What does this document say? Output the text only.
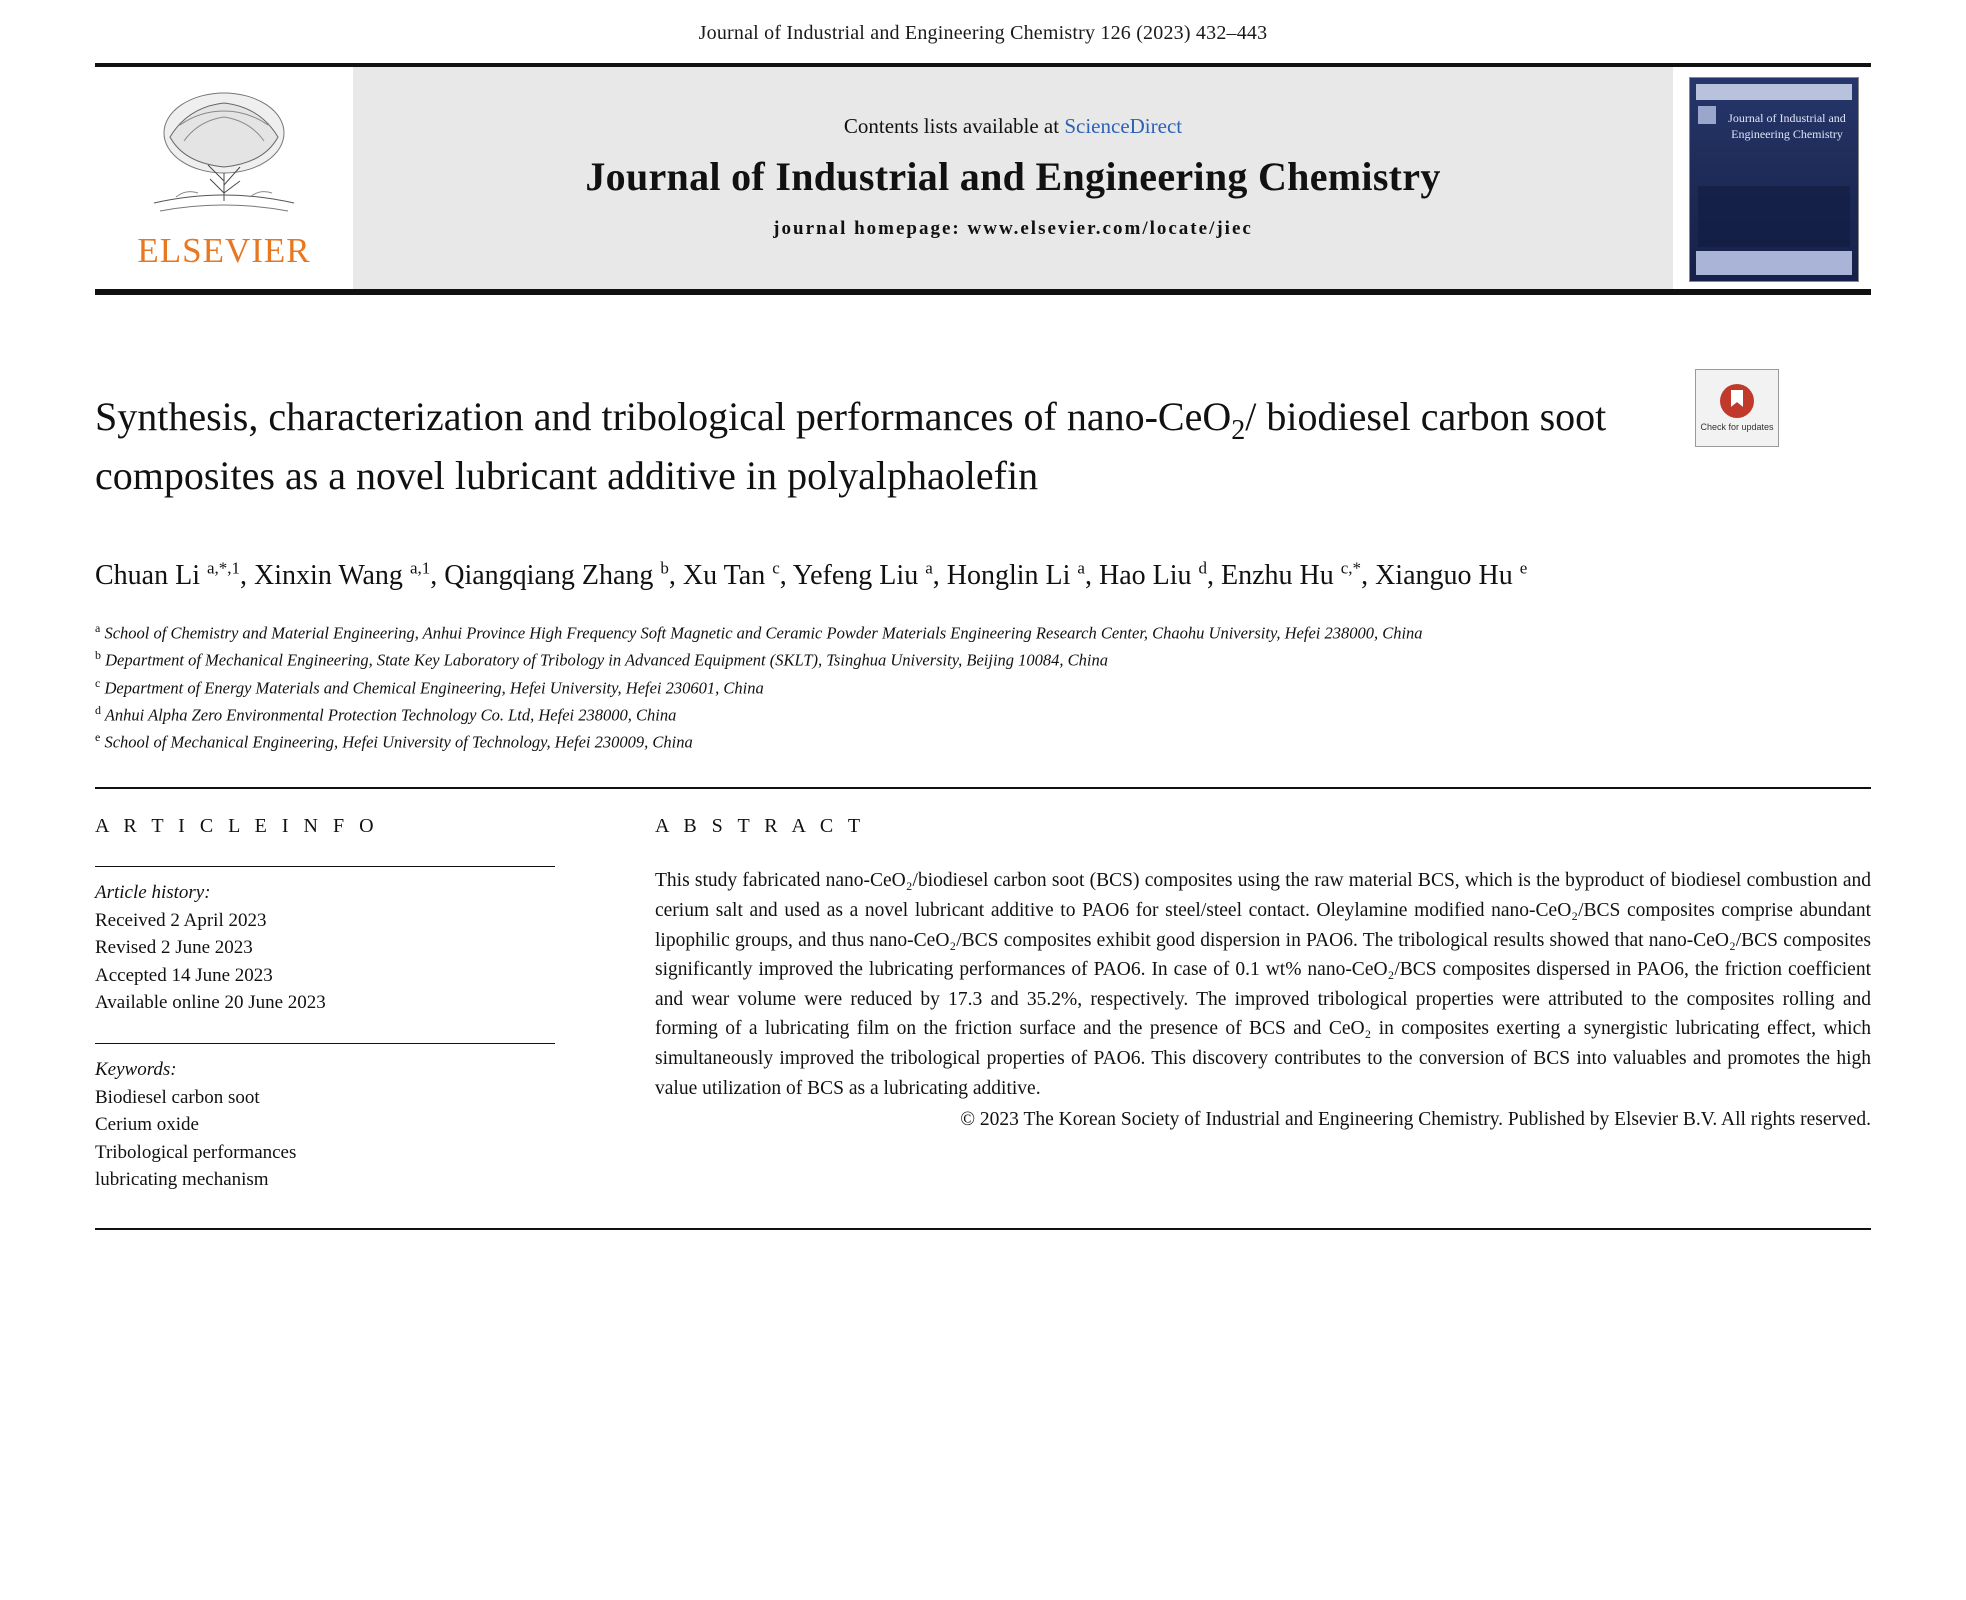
Journal of Industrial and Engineering Chemistry 126 (2023) 432–443
ELSEVIER
Contents lists available at ScienceDirect
Journal of Industrial and Engineering Chemistry
journal homepage: www.elsevier.com/locate/jiec
Journal of Industrial and Engineering Chemistry
Synthesis, characterization and tribological performances of nano-CeO$_2$/ biodiesel carbon soot composites as a novel lubricant additive in polyalphaolefin
Check for updates
Chuan Li $^{a,*,1}$, Xinxin Wang $^{a,1}$, Qiangqiang Zhang $^b$, Xu Tan $^c$, Yefeng Liu $^a$, Honglin Li $^a$, Hao Liu $^d$, Enzhu Hu $^{c,*}$, Xianguo Hu $^e$
$^a$ School of Chemistry and Material Engineering, Anhui Province High Frequency Soft Magnetic and Ceramic Powder Materials Engineering Research Center, Chaohu University, Hefei 238000, China
$^b$ Department of Mechanical Engineering, State Key Laboratory of Tribology in Advanced Equipment (SKLT), Tsinghua University, Beijing 10084, China
$^c$ Department of Energy Materials and Chemical Engineering, Hefei University, Hefei 230601, China
$^d$ Anhui Alpha Zero Environmental Protection Technology Co. Ltd, Hefei 238000, China
$^e$ School of Mechanical Engineering, Hefei University of Technology, Hefei 230009, China
A R T I C L E I N F O
Article history:
Received 2 April 2023
Revised 2 June 2023
Accepted 14 June 2023
Available online 20 June 2023
Keywords:
Biodiesel carbon soot
Cerium oxide
Tribological performances
lubricating mechanism
A B S T R A C T

This study fabricated nano-CeO₂/biodiesel carbon soot (BCS) composites using the raw material BCS, which is the byproduct of biodiesel combustion and cerium salt and used as a novel lubricant additive to PAO6 for steel/steel contact. Oleylamine modified nano-CeO₂/BCS composites comprise abundant lipophilic groups, and thus nano-CeO₂/BCS composites exhibit good dispersion in PAO6. The tribological results showed that nano-CeO₂/BCS composites significantly improved the lubricating performances of PAO6. In case of 0.1 wt% nano-CeO₂/BCS composites dispersed in PAO6, the friction coefficient and wear volume were reduced by 17.3 and 35.2%, respectively. The improved tribological properties were attributed to the composites rolling and forming of a lubricating film on the friction surface and the presence of BCS and CeO₂ in composites exerting a synergistic lubricating effect, which simultaneously improved the tribological properties of PAO6. This discovery contributes to the conversion of BCS into valuables and promotes the high value utilization of BCS as a lubricating additive.

© 2023 The Korean Society of Industrial and Engineering Chemistry. Published by Elsevier B.V. All rights reserved.
